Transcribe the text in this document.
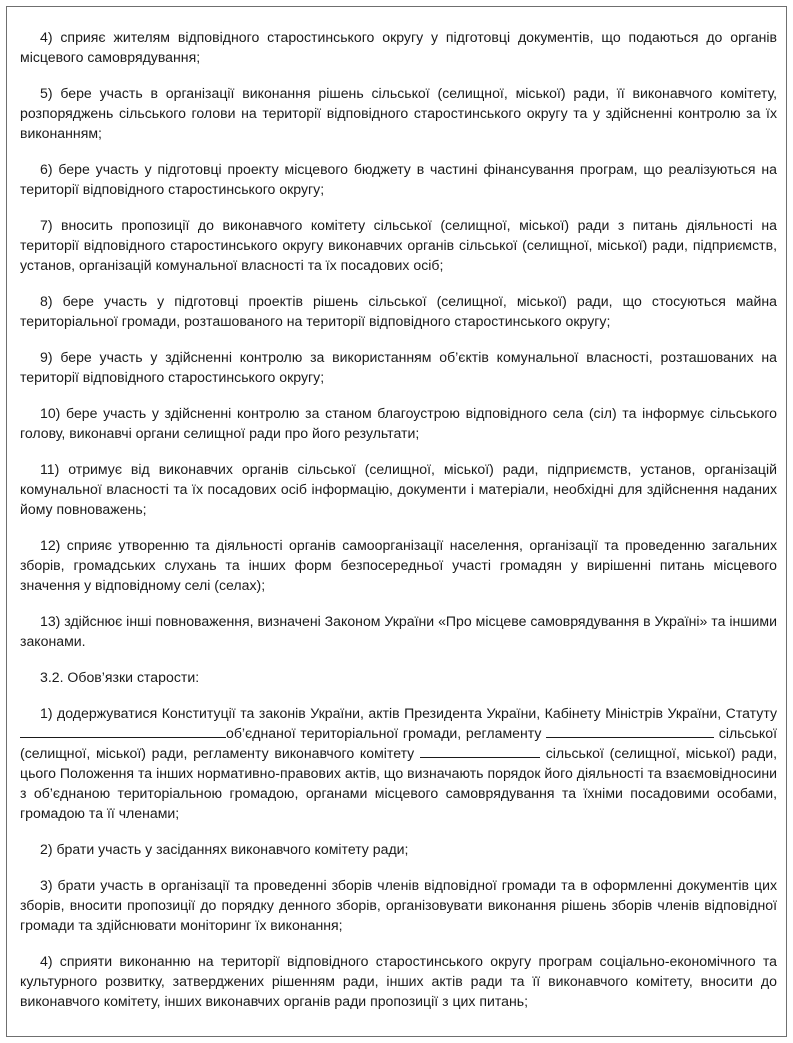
4) сприяє жителям відповідного старостинського округу у підготовці документів, що подаються до органів місцевого самоврядування;

5) бере участь в організації виконання рішень сільської (селищної, міської) ради, її виконавчого комітету, розпоряджень сільського голови на території відповідного старостинського округу та у здійсненні контролю за їх виконанням;

6) бере участь у підготовці проекту місцевого бюджету в частині фінансування програм, що реалізуються на території відповідного старостинського округу;

7) вносить пропозиції до виконавчого комітету сільської (селищної, міської) ради з питань діяльності на території відповідного старостинського округу виконавчих органів сільської (селищної, міської) ради, підприємств, установ, організацій комунальної власності та їх посадових осіб;

8) бере участь у підготовці проектів рішень сільської (селищної, міської) ради, що стосуються майна територіальної громади, розташованого на території відповідного старостинського округу;

9) бере участь у здійсненні контролю за використанням об’єктів комунальної власності, розташованих на території відповідного старостинського округу;

10) бере участь у здійсненні контролю за станом благоустрою відповідного села (сіл) та інформує сільського голову, виконавчі органи селищної ради про його результати;

11) отримує від виконавчих органів сільської (селищної, міської) ради, підприємств, установ, організацій комунальної власності та їх посадових осіб інформацію, документи і матеріали, необхідні для здійснення наданих йому повноважень;

12) сприяє утворенню та діяльності органів самоорганізації населення, організації та проведенню загальних зборів, громадських слухань та інших форм безпосередньої участі громадян у вирішенні питань місцевого значення у відповідному селі (селах);

13) здійснює інші повноваження, визначені Законом України «Про місцеве самоврядування в Україні» та іншими законами.

3.2. Обов’язки старости:

1) додержуватися Конституції та законів України, актів Президента України, Кабінету Міністрів України, Статуту об’єднаної територіальної громади, регламенту	сільської (селищної, міської) ради, регламенту виконавчого комітету	сільської (селищної, міської) ради, цього Положення та інших нормативно-правових актів, що визначають порядок його діяльності та взаємовідносини з об’єднаною територіальною громадою, органами місцевого самоврядування та їхніми посадовими особами, громадою та її членами;

2) брати участь у засіданнях виконавчого комітету ради;

3) брати участь в організації та проведенні зборів членів відповідної громади та в оформленні документів цих зборів, вносити пропозиції до порядку денного зборів, організовувати виконання рішень зборів членів відповідної громади та здійснювати моніторинг їх виконання;

4) сприяти виконанню на території відповідного старостинського округу програм соціально-економічного та культурного розвитку, затверджених рішенням ради, інших актів ради та її виконавчого комітету, вносити до виконавчого комітету, інших виконавчих органів ради пропозиції з цих питань;
